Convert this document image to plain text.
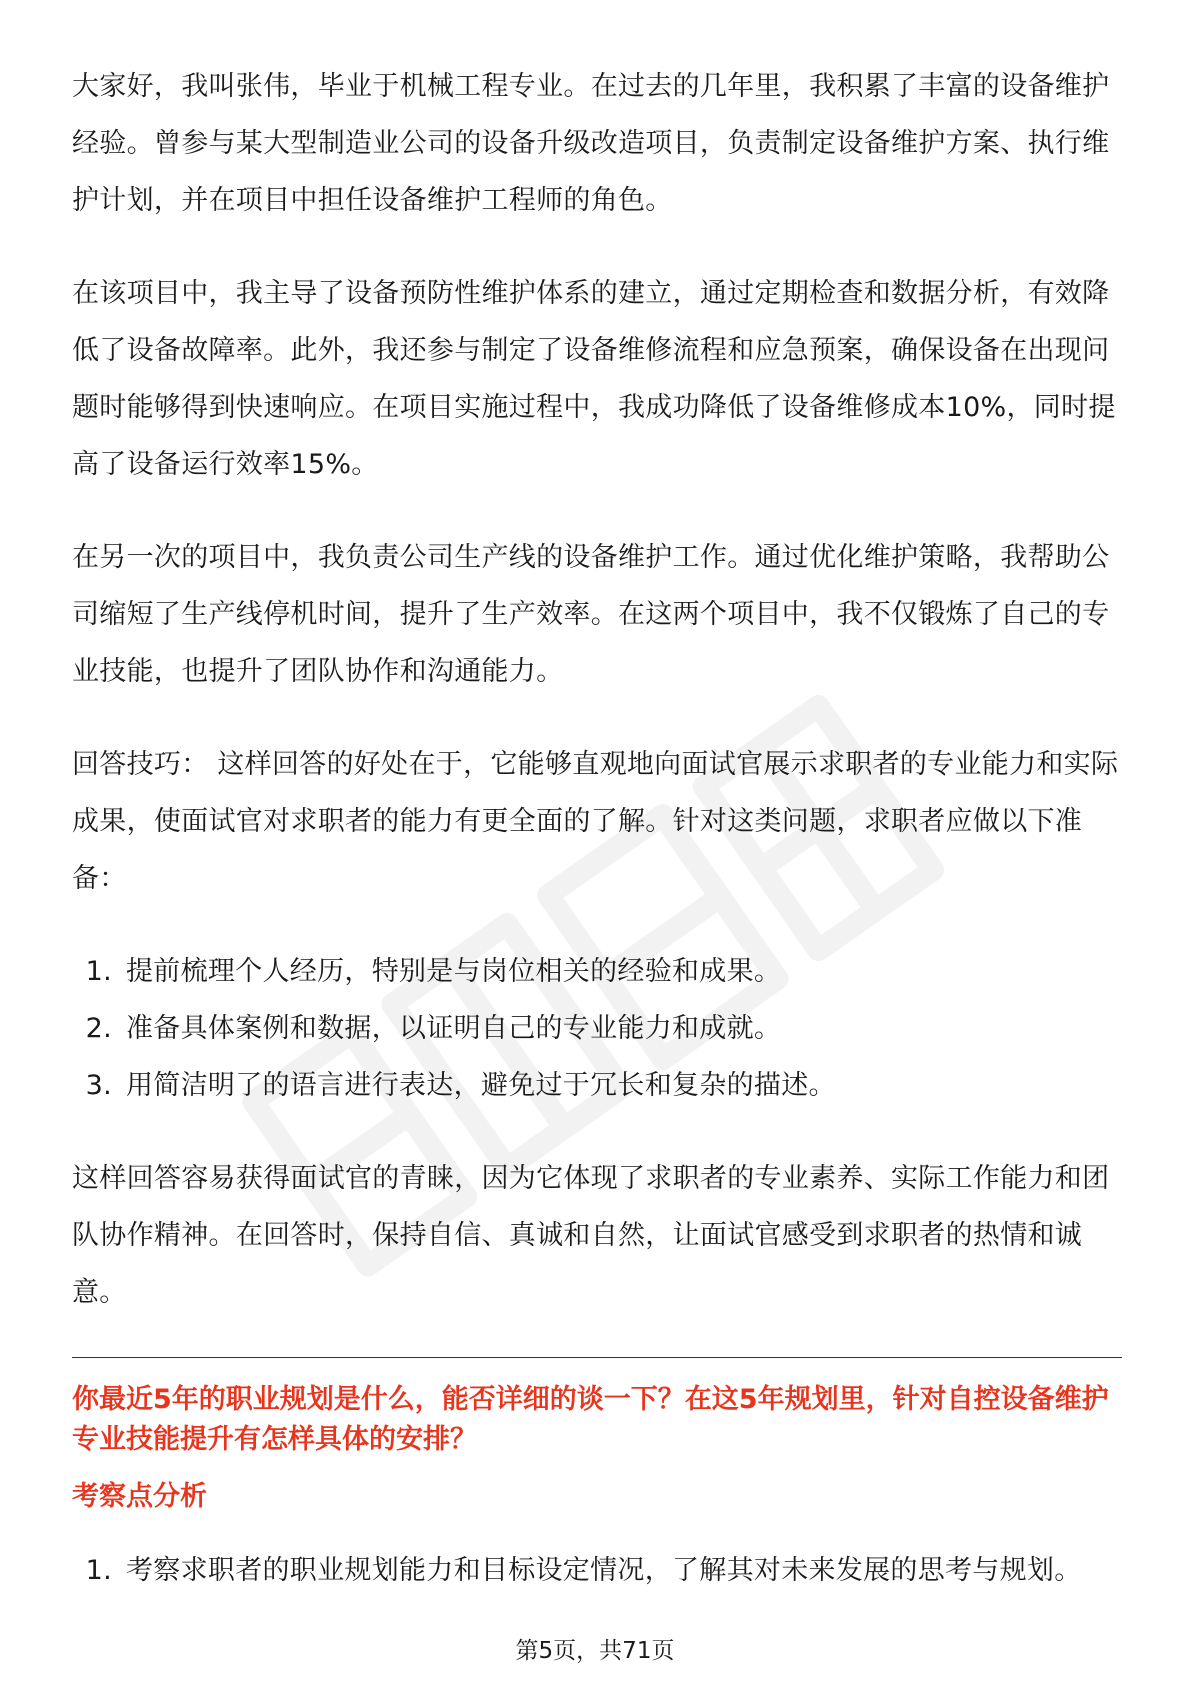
大家好，我叫张伟，毕业于机械工程专业。在过去的几年里，我积累了丰富的设备维护经验。曾参与某大型制造业公司的设备升级改造项目，负责制定设备维护方案、执行维护计划，并在项目中担任设备维护工程师的角色。

在该项目中，我主导了设备预防性维护体系的建立，通过定期检查和数据分析，有效降低了设备故障率。此外，我还参与制定了设备维修流程和应急预案，确保设备在出现问题时能够得到快速响应。在项目实施过程中，我成功降低了设备维修成本10%，同时提高了设备运行效率15%。

在另一次的项目中，我负责公司生产线的设备维护工作。通过优化维护策略，我帮助公司缩短了生产线停机时间，提升了生产效率。在这两个项目中，我不仅锻炼了自己的专业技能，也提升了团队协作和沟通能力。

回答技巧： 这样回答的好处在于，它能够直观地向面试官展示求职者的专业能力和实际成果，使面试官对求职者的能力有更全面的了解。针对这类问题，求职者应做以下准备：

1. 提前梳理个人经历，特别是与岗位相关的经验和成果。
2. 准备具体案例和数据，以证明自己的专业能力和成就。
3. 用简洁明了的语言进行表达，避免过于冗长和复杂的描述。

这样回答容易获得面试官的青睐，因为它体现了求职者的专业素养、实际工作能力和团队协作精神。在回答时，保持自信、真诚和自然，让面试官感受到求职者的热情和诚意。

你最近5年的职业规划是什么，能否详细的谈一下？在这5年规划里，针对自控设备维护专业技能提升有怎样具体的安排？

考察点分析

1. 考察求职者的职业规划能力和目标设定情况，了解其对未来发展的思考与规划。
第5页，共71页
